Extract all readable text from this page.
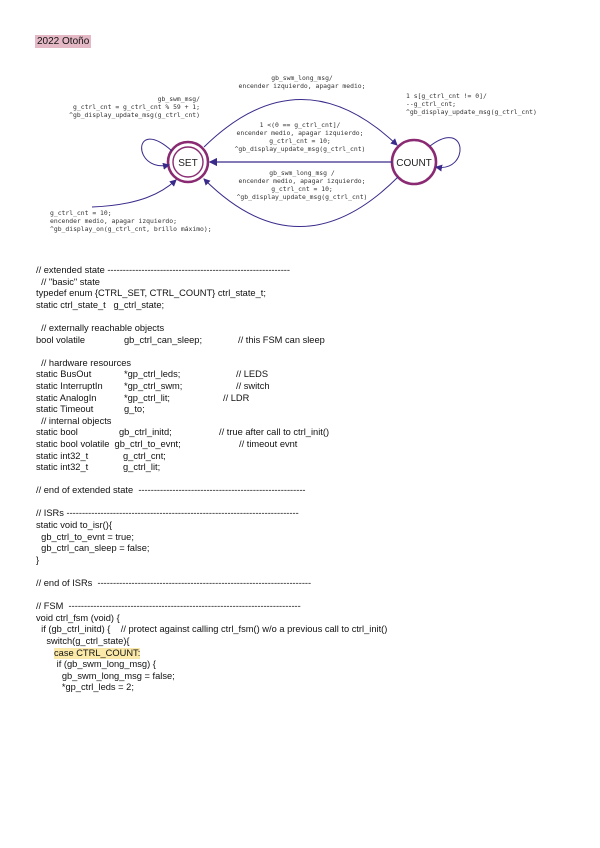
2022 Otoño
SET	COUNT
gb_swm_long_msg/
encender izquierdo, apagar medio;
gb_swm_msg/
g_ctrl_cnt = g_ctrl_cnt % 59 + 1;
^gb_display_update_msg(g_ctrl_cnt)
1 <(0 == g_ctrl_cnt]/
encender medio, apagar izquierdo;
g_ctrl_cnt = 10;
^gb_display_update_msg(g_ctrl_cnt)
1 s[g_ctrl_cnt != 0]/
--g_ctrl_cnt;
^gb_display_update_msg(g_ctrl_cnt)
gb_swm_long_msg /
encender medio, apagar izquierdo;
g_ctrl_cnt = 10;
^gb_display_update_msg(g_ctrl_cnt)
g_ctrl_cnt = 10;
encender medio, apagar izquierdo;
^gb_display_on(g_ctrl_cnt, brillo máximo);
// extended state -----------------------------------------------------------
// "basic" state
typedef enum {CTRL_SET, CTRL_COUNT} ctrl_state_t;
static ctrl_state_t   g_ctrl_state;
// externally reachable objects
bool volatile	gb_ctrl_can_sleep;	// this FSM can sleep
// hardware resources
static BusOut	*gp_ctrl_leds;	// LEDS
static InterruptIn *gp_ctrl_swm;	// switch
static AnalogIn	*gp_ctrl_lit;	// LDR
static Timeout	g_to;
// internal objects
static bool	gb_ctrl_initd;	// true after call to ctrl_init()
static bool volatile  gb_ctrl_to_evnt;	// timeout evnt
static int32_t	g_ctrl_cnt;
static int32_t	g_ctrl_lit;
// end of extended state  ------------------------------------------------------
// ISRs ---------------------------------------------------------------------------
static void to_isr(){
gb_ctrl_to_evnt = true;
gb_ctrl_can_sleep = false;
}
// end of ISRs  ---------------------------------------------------------------------
// FSM  ---------------------------------------------------------------------------
void ctrl_fsm (void) {
if (gb_ctrl_initd) {    // protect against calling ctrl_fsm() w/o a previous call to ctrl_init()
switch(g_ctrl_state){

case CTRL_COUNT:
if (gb_swm_long_msg) {
gb_swm_long_msg = false;
*gp_ctrl_leds = 2;
